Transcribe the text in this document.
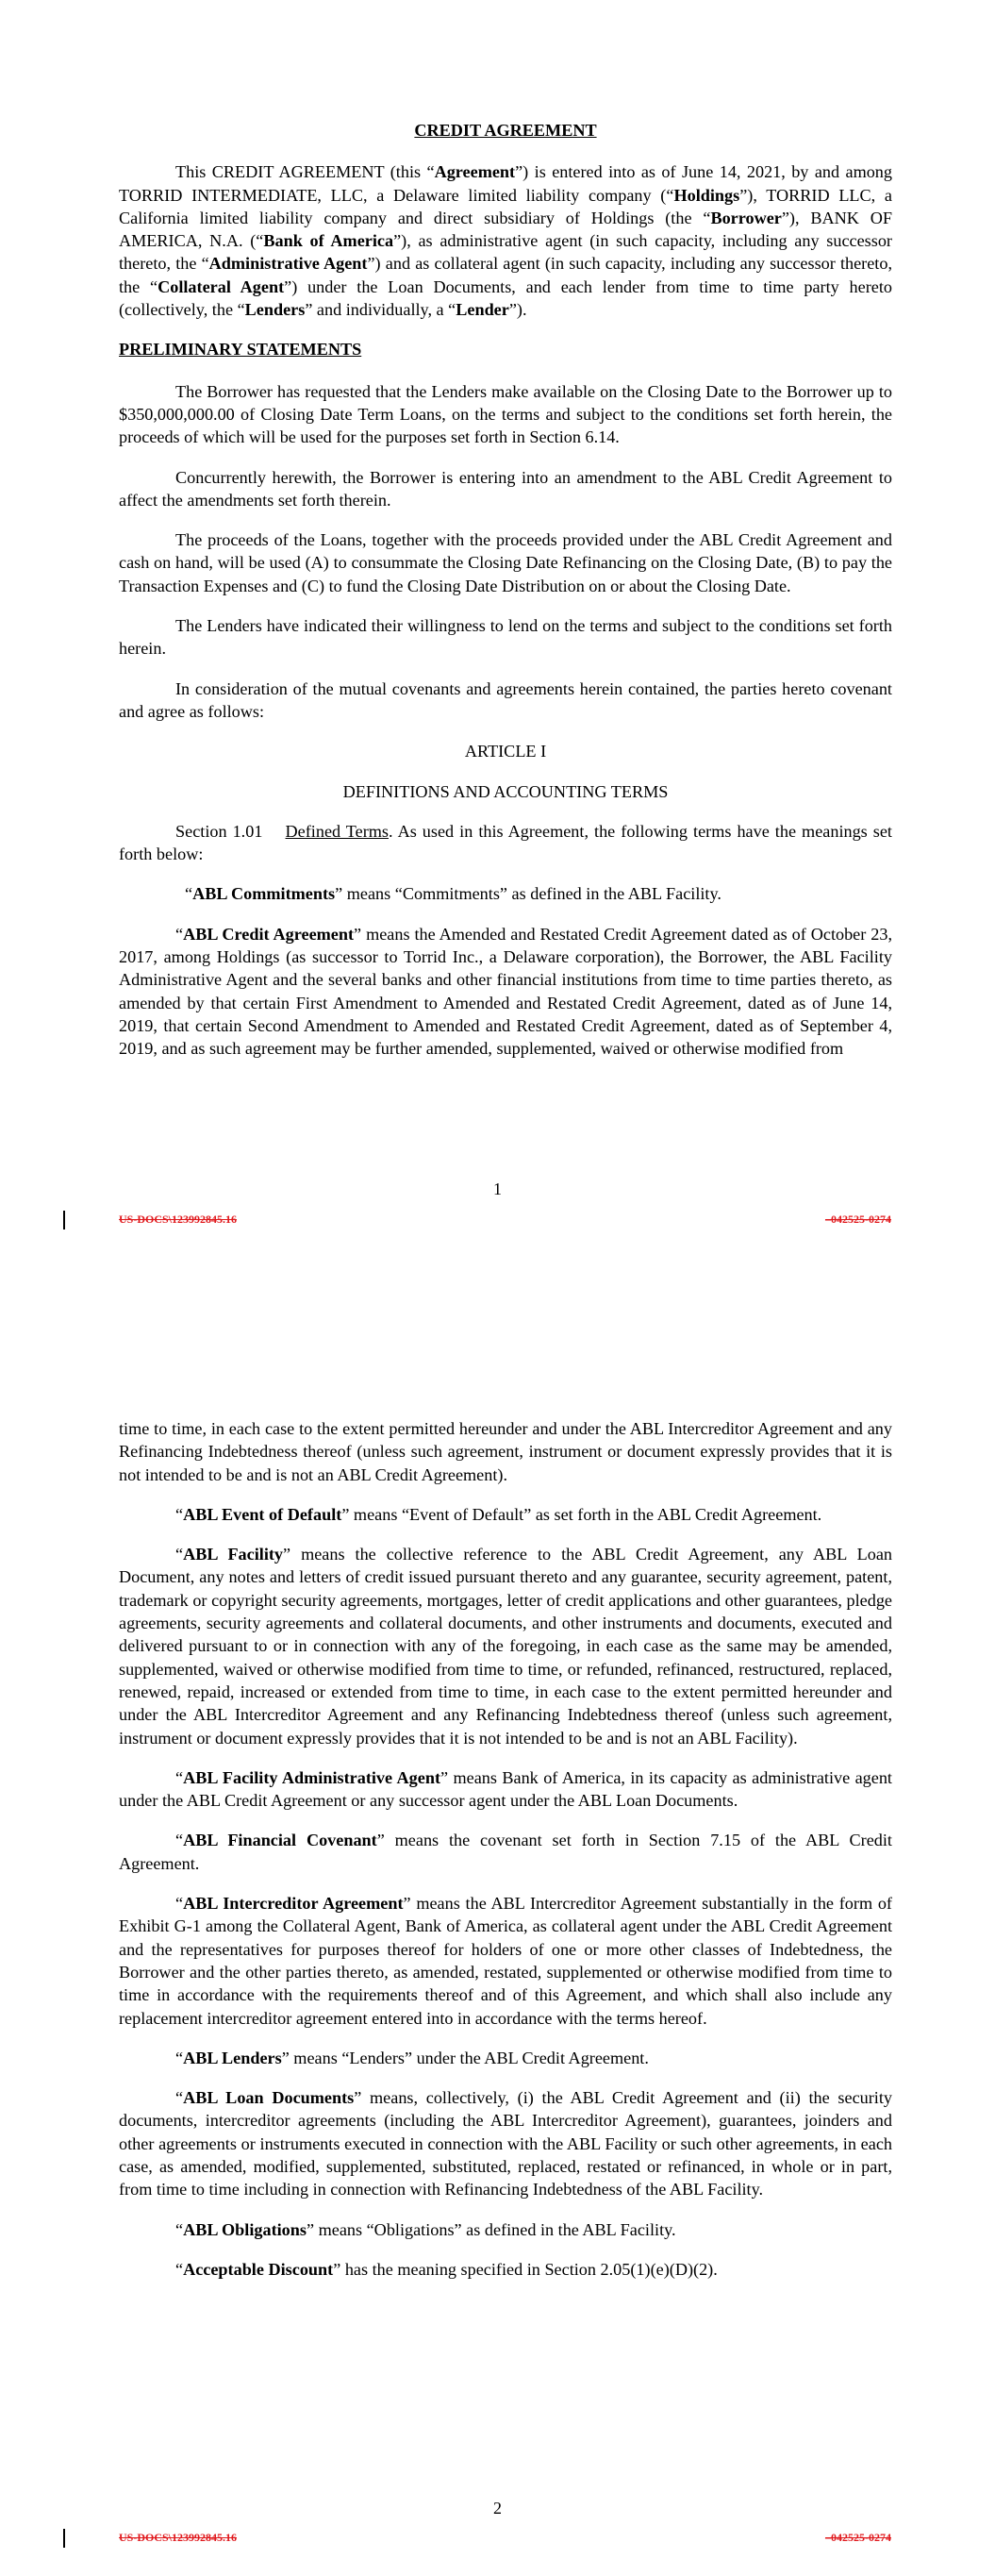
CREDIT AGREEMENT

This CREDIT AGREEMENT (this “Agreement”) is entered into as of June 14, 2021, by and among TORRID INTERMEDIATE, LLC, a Delaware limited liability company (“Holdings”), TORRID LLC, a California limited liability company and direct subsidiary of Holdings (the “Borrower”), BANK OF AMERICA, N.A. (“Bank of America”), as administrative agent (in such capacity, including any successor thereto, the “Administrative Agent”) and as collateral agent (in such capacity, including any successor thereto, the “Collateral Agent”) under the Loan Documents, and each lender from time to time party hereto (collectively, the “Lenders” and individually, a “Lender”).

PRELIMINARY STATEMENTS

The Borrower has requested that the Lenders make available on the Closing Date to the Borrower up to $350,000,000.00 of Closing Date Term Loans, on the terms and subject to the conditions set forth herein, the proceeds of which will be used for the purposes set forth in Section 6.14.

Concurrently herewith, the Borrower is entering into an amendment to the ABL Credit Agreement to affect the amendments set forth therein.

The proceeds of the Loans, together with the proceeds provided under the ABL Credit Agreement and cash on hand, will be used (A) to consummate the Closing Date Refinancing on the Closing Date, (B) to pay the Transaction Expenses and (C) to fund the Closing Date Distribution on or about the Closing Date.

The Lenders have indicated their willingness to lend on the terms and subject to the conditions set forth herein.

In consideration of the mutual covenants and agreements herein contained, the parties hereto covenant and agree as follows:

ARTICLE I

DEFINITIONS AND ACCOUNTING TERMS

Section 1.01 Defined Terms. As used in this Agreement, the following terms have the meanings set forth below:

“ABL Commitments” means “Commitments” as defined in the ABL Facility.

“ABL Credit Agreement” means the Amended and Restated Credit Agreement dated as of October 23, 2017, among Holdings (as successor to Torrid Inc., a Delaware corporation), the Borrower, the ABL Facility Administrative Agent and the several banks and other financial institutions from time to time parties thereto, as amended by that certain First Amendment to Amended and Restated Credit Agreement, dated as of June 14, 2019, that certain Second Amendment to Amended and Restated Credit Agreement, dated as of September 4, 2019, and as such agreement may be further amended, supplemented, waived or otherwise modified from

1
US-DOCS\123992845.16	–042525-0274

time to time, in each case to the extent permitted hereunder and under the ABL Intercreditor Agreement and any Refinancing Indebtedness thereof (unless such agreement, instrument or document expressly provides that it is not intended to be and is not an ABL Credit Agreement).

“ABL Event of Default” means “Event of Default” as set forth in the ABL Credit Agreement.

“ABL Facility” means the collective reference to the ABL Credit Agreement, any ABL Loan Document, any notes and letters of credit issued pursuant thereto and any guarantee, security agreement, patent, trademark or copyright security agreements, mortgages, letter of credit applications and other guarantees, pledge agreements, security agreements and collateral documents, and other instruments and documents, executed and delivered pursuant to or in connection with any of the foregoing, in each case as the same may be amended, supplemented, waived or otherwise modified from time to time, or refunded, refinanced, restructured, replaced, renewed, repaid, increased or extended from time to time, in each case to the extent permitted hereunder and under the ABL Intercreditor Agreement and any Refinancing Indebtedness thereof (unless such agreement, instrument or document expressly provides that it is not intended to be and is not an ABL Facility).

“ABL Facility Administrative Agent” means Bank of America, in its capacity as administrative agent under the ABL Credit Agreement or any successor agent under the ABL Loan Documents.

“ABL Financial Covenant” means the covenant set forth in Section 7.15 of the ABL Credit Agreement.

“ABL Intercreditor Agreement” means the ABL Intercreditor Agreement substantially in the form of Exhibit G-1 among the Collateral Agent, Bank of America, as collateral agent under the ABL Credit Agreement and the representatives for purposes thereof for holders of one or more other classes of Indebtedness, the Borrower and the other parties thereto, as amended, restated, supplemented or otherwise modified from time to time in accordance with the requirements thereof and of this Agreement, and which shall also include any replacement intercreditor agreement entered into in accordance with the terms hereof.

“ABL Lenders” means “Lenders” under the ABL Credit Agreement.

“ABL Loan Documents” means, collectively, (i) the ABL Credit Agreement and (ii) the security documents, intercreditor agreements (including the ABL Intercreditor Agreement), guarantees, joinders and other agreements or instruments executed in connection with the ABL Facility or such other agreements, in each case, as amended, modified, supplemented, substituted, replaced, restated or refinanced, in whole or in part, from time to time including in connection with Refinancing Indebtedness of the ABL Facility.

“ABL Obligations” means “Obligations” as defined in the ABL Facility.

“Acceptable Discount” has the meaning specified in Section 2.05(1)(e)(D)(2).

2
US-DOCS\123992845.16	–042525-0274
